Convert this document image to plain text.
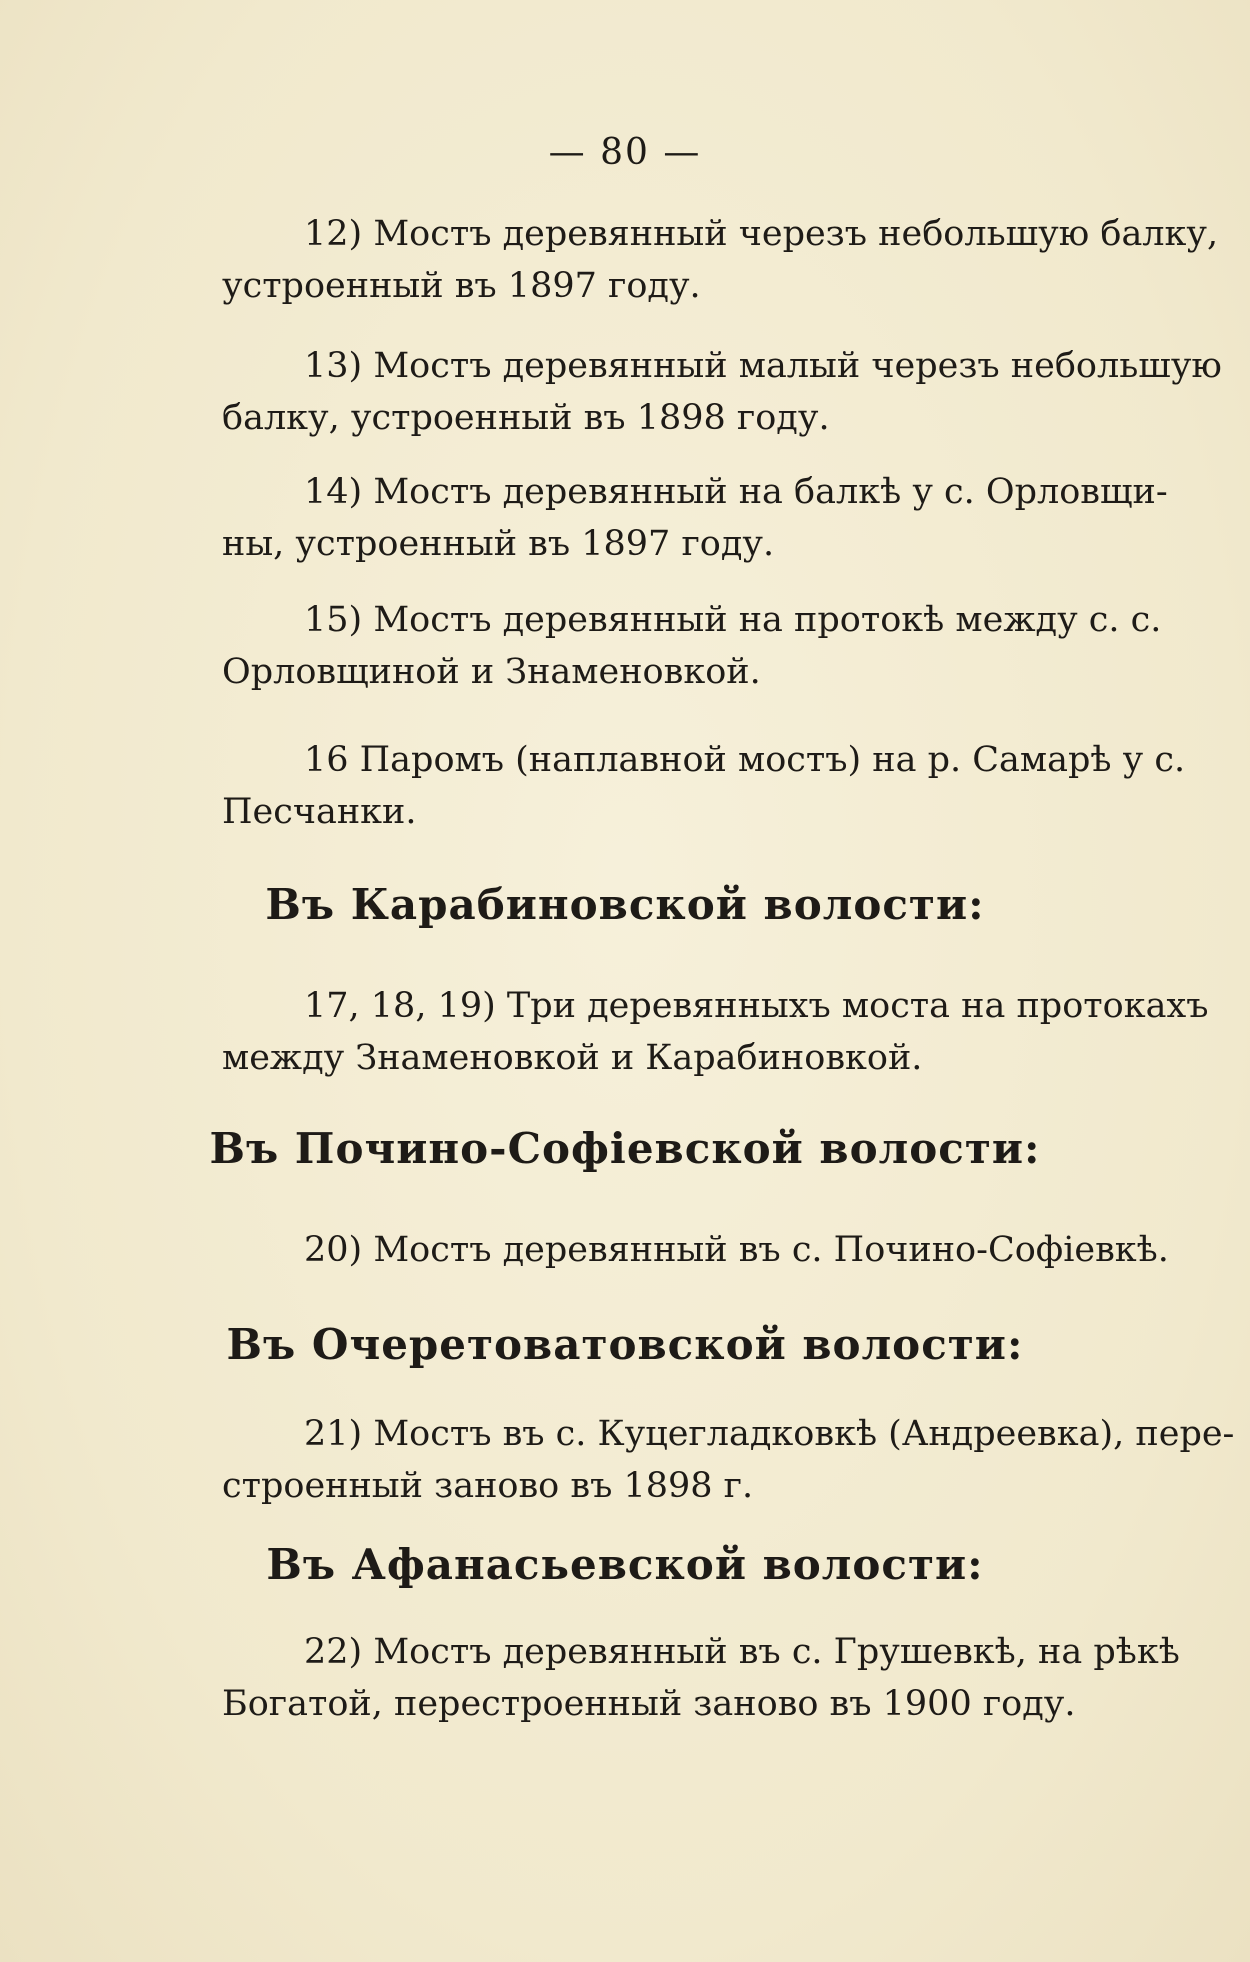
— 80 —

12) Мостъ деревянный черезъ небольшую балку,
устроенный въ 1897 году.

13) Мостъ деревянный малый черезъ небольшую
балку, устроенный въ 1898 году.

14) Мостъ деревянный на балкѣ у с. Орловщи-
ны, устроенный въ 1897 году.

15) Мостъ деревянный на протокѣ между с. с.
Орловщиной и Знаменовкой.

16 Паромъ (наплавной мостъ) на р. Самарѣ у с.
Песчанки.

Въ Карабиновской волости:

17, 18, 19) Три деревянныхъ моста на протокахъ
между Знаменовкой и Карабиновкой.

Въ Почино-Софіевской волости:

20) Мостъ деревянный въ с. Почино-Софіевкѣ.

Въ Очеретоватовской волости:

21) Мостъ въ с. Куцегладковкѣ (Андреевка), пере-
строенный заново въ 1898 г.

Въ Афанасьевской волости:

22) Мостъ деревянный въ с. Грушевкѣ, на рѣкѣ
Богатой, перестроенный заново въ 1900 году.
